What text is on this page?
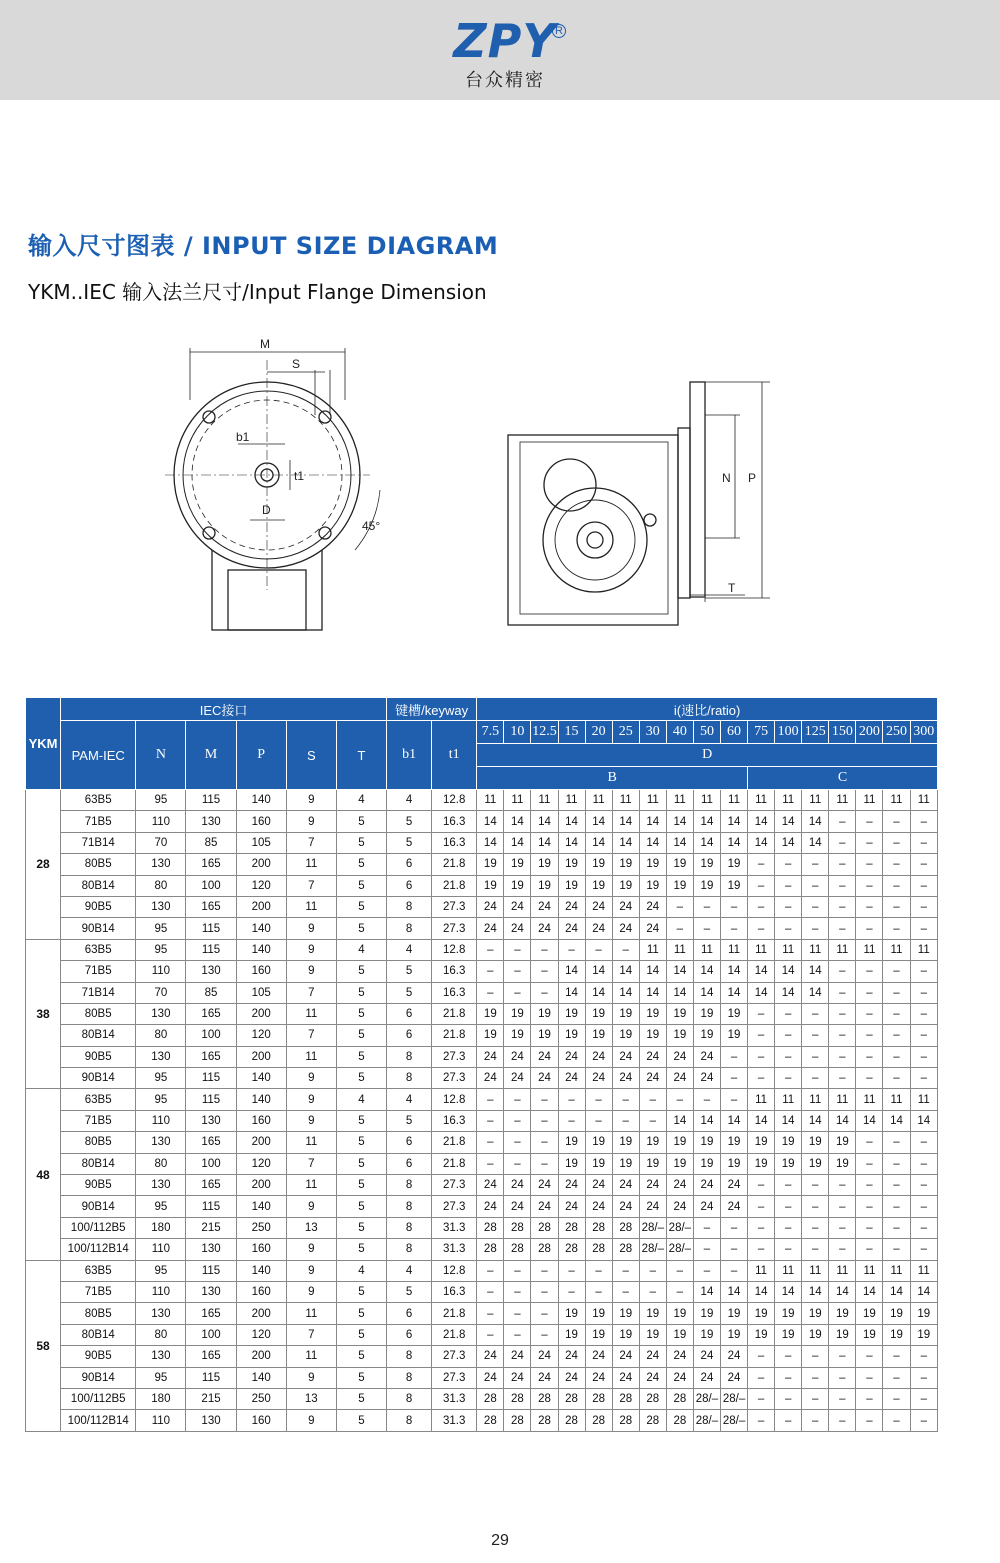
ZPY
R
台众精密
输入尺寸图表 / INPUT SIZE DIAGRAM
YKM..IEC 输入法兰尺寸/Input Flange Dimension
M
S
b1
t1
D
45°
N P
T
YKM	IEC接口						键槽/keyway		i(速比/ratio)																
	PAM-IEC	N	M	P	S	T	b1	t1	7.5	10	12.5	15	20	25	30	40	50	60	75	100	125	150	200	250	300
									D																
									B										C						
28	63B5	95	115	140	9	4	4	12.8	11	11	11	11	11	11	11	11	11	11	11	11	11	11	11	11	11
	71B5	110	130	160	9	5	5	16.3	14	14	14	14	14	14	14	14	14	14	14	14	14	–	–	–	–
	71B14	70	85	105	7	5	5	16.3	14	14	14	14	14	14	14	14	14	14	14	14	14	–	–	–	–
	80B5	130	165	200	11	5	6	21.8	19	19	19	19	19	19	19	19	19	19	–	–	–	–	–	–	–
	80B14	80	100	120	7	5	6	21.8	19	19	19	19	19	19	19	19	19	19	–	–	–	–	–	–	–
	90B5	130	165	200	11	5	8	27.3	24	24	24	24	24	24	24	–	–	–	–	–	–	–	–	–	–
	90B14	95	115	140	9	5	8	27.3	24	24	24	24	24	24	24	–	–	–	–	–	–	–	–	–	–
38	63B5	95	115	140	9	4	4	12.8	–	–	–	–	–	–	11	11	11	11	11	11	11	11	11	11	11
	71B5	110	130	160	9	5	5	16.3	–	–	–	14	14	14	14	14	14	14	14	14	14	–	–	–	–
	71B14	70	85	105	7	5	5	16.3	–	–	–	14	14	14	14	14	14	14	14	14	14	–	–	–	–
	80B5	130	165	200	11	5	6	21.8	19	19	19	19	19	19	19	19	19	19	–	–	–	–	–	–	–
	80B14	80	100	120	7	5	6	21.8	19	19	19	19	19	19	19	19	19	19	–	–	–	–	–	–	–
	90B5	130	165	200	11	5	8	27.3	24	24	24	24	24	24	24	24	24	–	–	–	–	–	–	–	–
	90B14	95	115	140	9	5	8	27.3	24	24	24	24	24	24	24	24	24	–	–	–	–	–	–	–	–
48	63B5	95	115	140	9	4	4	12.8	–	–	–	–	–	–	–	–	–	–	11	11	11	11	11	11	11
	71B5	110	130	160	9	5	5	16.3	–	–	–	–	–	–	–	14	14	14	14	14	14	14	14	14	14
	80B5	130	165	200	11	5	6	21.8	–	–	–	19	19	19	19	19	19	19	19	19	19	19	–	–	–
	80B14	80	100	120	7	5	6	21.8	–	–	–	19	19	19	19	19	19	19	19	19	19	19	–	–	–
	90B5	130	165	200	11	5	8	27.3	24	24	24	24	24	24	24	24	24	24	–	–	–	–	–	–	–
	90B14	95	115	140	9	5	8	27.3	24	24	24	24	24	24	24	24	24	24	–	–	–	–	–	–	–
	100/112B5	180	215	250	13	5	8	31.3	28	28	28	28	28	28	28/–	28/–	–	–	–	–	–	–	–	–	–
	100/112B14	110	130	160	9	5	8	31.3	28	28	28	28	28	28	28/–	28/–	–	–	–	–	–	–	–	–	–
58	63B5	95	115	140	9	4	4	12.8	–	–	–	–	–	–	–	–	–	–	11	11	11	11	11	11	11
	71B5	110	130	160	9	5	5	16.3	–	–	–	–	–	–	–	–	14	14	14	14	14	14	14	14	14
	80B5	130	165	200	11	5	6	21.8	–	–	–	19	19	19	19	19	19	19	19	19	19	19	19	19	19
	80B14	80	100	120	7	5	6	21.8	–	–	–	19	19	19	19	19	19	19	19	19	19	19	19	19	19
	90B5	130	165	200	11	5	8	27.3	24	24	24	24	24	24	24	24	24	24	–	–	–	–	–	–	–
	90B14	95	115	140	9	5	8	27.3	24	24	24	24	24	24	24	24	24	24	–	–	–	–	–	–	–
	100/112B5	180	215	250	13	5	8	31.3	28	28	28	28	28	28	28	28	28/–	28/–	–	–	–	–	–	–	–
	100/112B14	110	130	160	9	5	8	31.3	28	28	28	28	28	28	28	28	28/–	28/–	–	–	–	–	–	–	–
29
